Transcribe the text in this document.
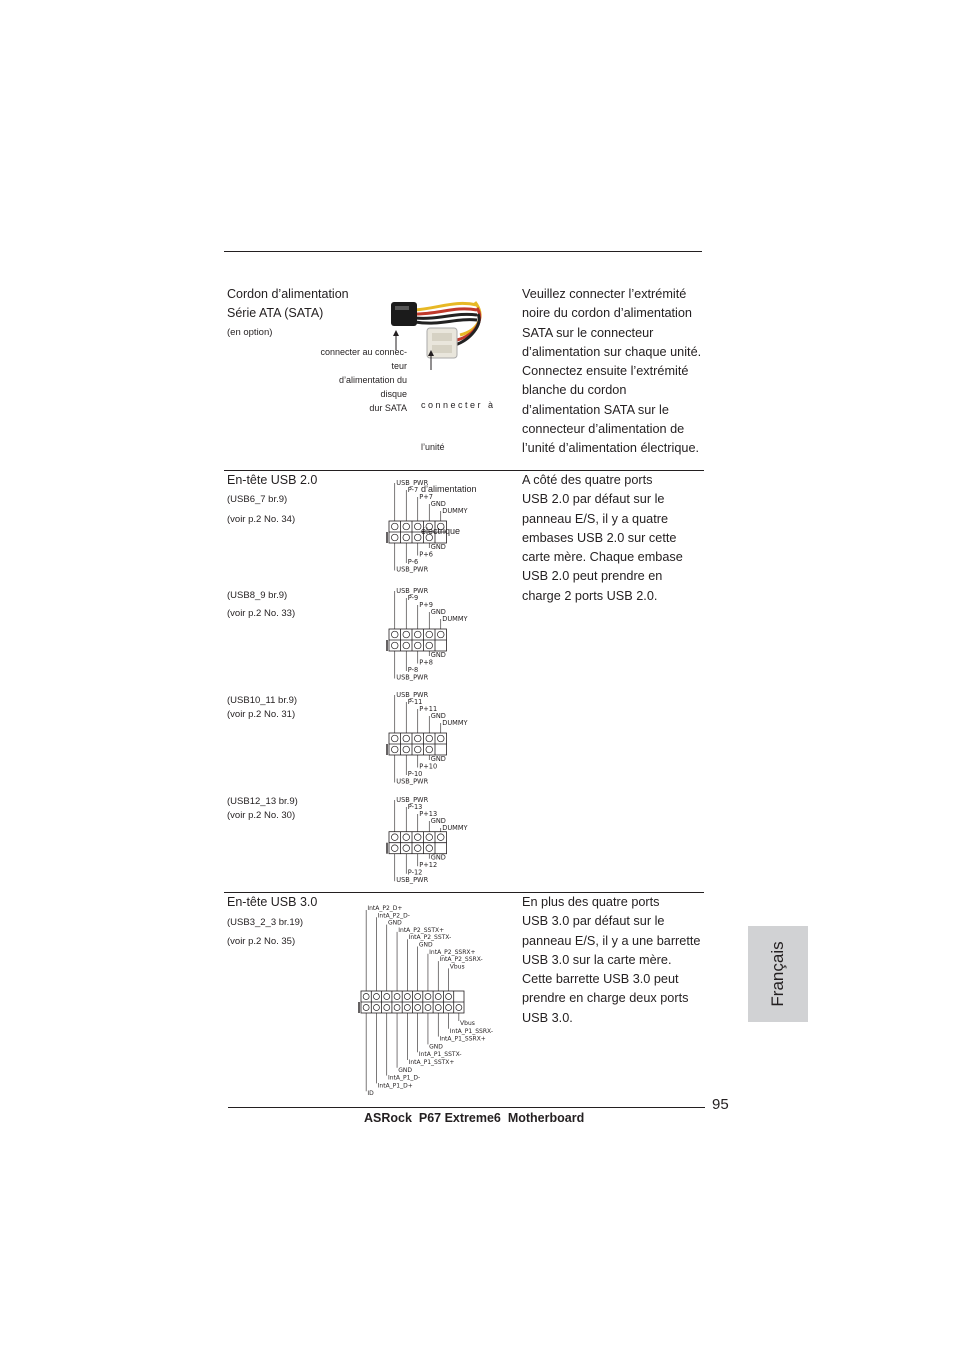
Cordon d’alimentation
Série ATA (SATA)
(en option)
connecter au connec-
teur
d’alimentation du
disque
dur SATA

c o n n e c t e r   à

l’unité

d’alimentation

électrique

Veuillez connecter l’extrémité
noire du cordon d’alimentation
SATA sur le connecteur
d’alimentation sur chaque unité.
Connectez ensuite l’extrémité
blanche du cordon
d’alimentation SATA sur le
connecteur d’alimentation de
l’unité d’alimentation électrique.
En-tête USB 2.0
(USB6_7 br.9)
(voir p.2 No. 34)
(USB8_9 br.9)
(voir p.2 No. 33)
(USB10_11 br.9)
(voir p.2 No. 31)
(USB12_13 br.9)
(voir p.2 No. 30)
USB_PWR
P-7
P+7
GND
DUMMY
GND
P+6
P-6
USB_PWR
USB_PWR
P-9
P+9
GND
DUMMY
GND
P+8
P-8
USB_PWR
USB_PWR
P-11
P+11
GND
DUMMY
GND
P+10
P-10
USB_PWR
USB_PWR
P-13
P+13
GND
DUMMY
GND
P+12
P-12
USB_PWR
A côté des quatre ports
USB 2.0 par défaut sur le
panneau E/S, il y a quatre
embases USB 2.0 sur cette
carte mère. Chaque embase
USB 2.0 peut prendre en
charge 2 ports USB 2.0.
En-tête USB 3.0
(USB3_2_3 br.19)
(voir p.2 No. 35)
IntA_P2_D+
IntA_P2_D-
GND
IntA_P2_SSTX+
IntA_P2_SSTX-
GND
IntA_P2_SSRX+
IntA_P2_SSRX-
Vbus
Vbus
IntA_P1_SSRX-
IntA_P1_SSRX+
GND
IntA_P1_SSTX-
IntA_P1_SSTX+
GND
IntA_P1_D-
IntA_P1_D+
ID
En plus des quatre ports
USB 3.0 par défaut sur le
panneau E/S, il y a une barrette
USB 3.0 sur la carte mère.
Cette barrette USB 3.0 peut
prendre en charge deux ports
USB 3.0.
Français
95
ASRock  P67 Extreme6  Motherboard
